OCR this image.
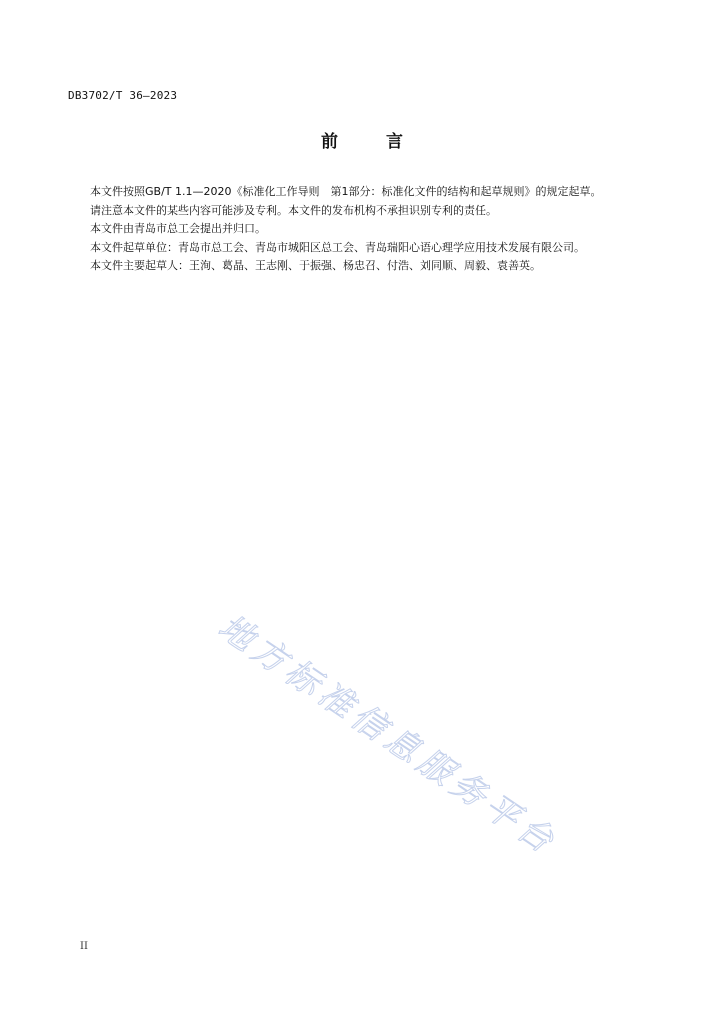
DB3702/T 36—2023
前	言

本文件按照GB/T 1.1—2020《标准化工作导则　第1部分：标准化文件的结构和起草规则》的规定起草。

请注意本文件的某些内容可能涉及专利。本文件的发布机构不承担识别专利的责任。

本文件由青岛市总工会提出并归口。

本文件起草单位：青岛市总工会、青岛市城阳区总工会、青岛瑞阳心语心理学应用技术发展有限公司。

本文件主要起草人：王洵、葛晶、王志刚、于振强、杨忠召、付浩、刘同顺、周毅、袁善英。

地方标准信息服务平台
II
